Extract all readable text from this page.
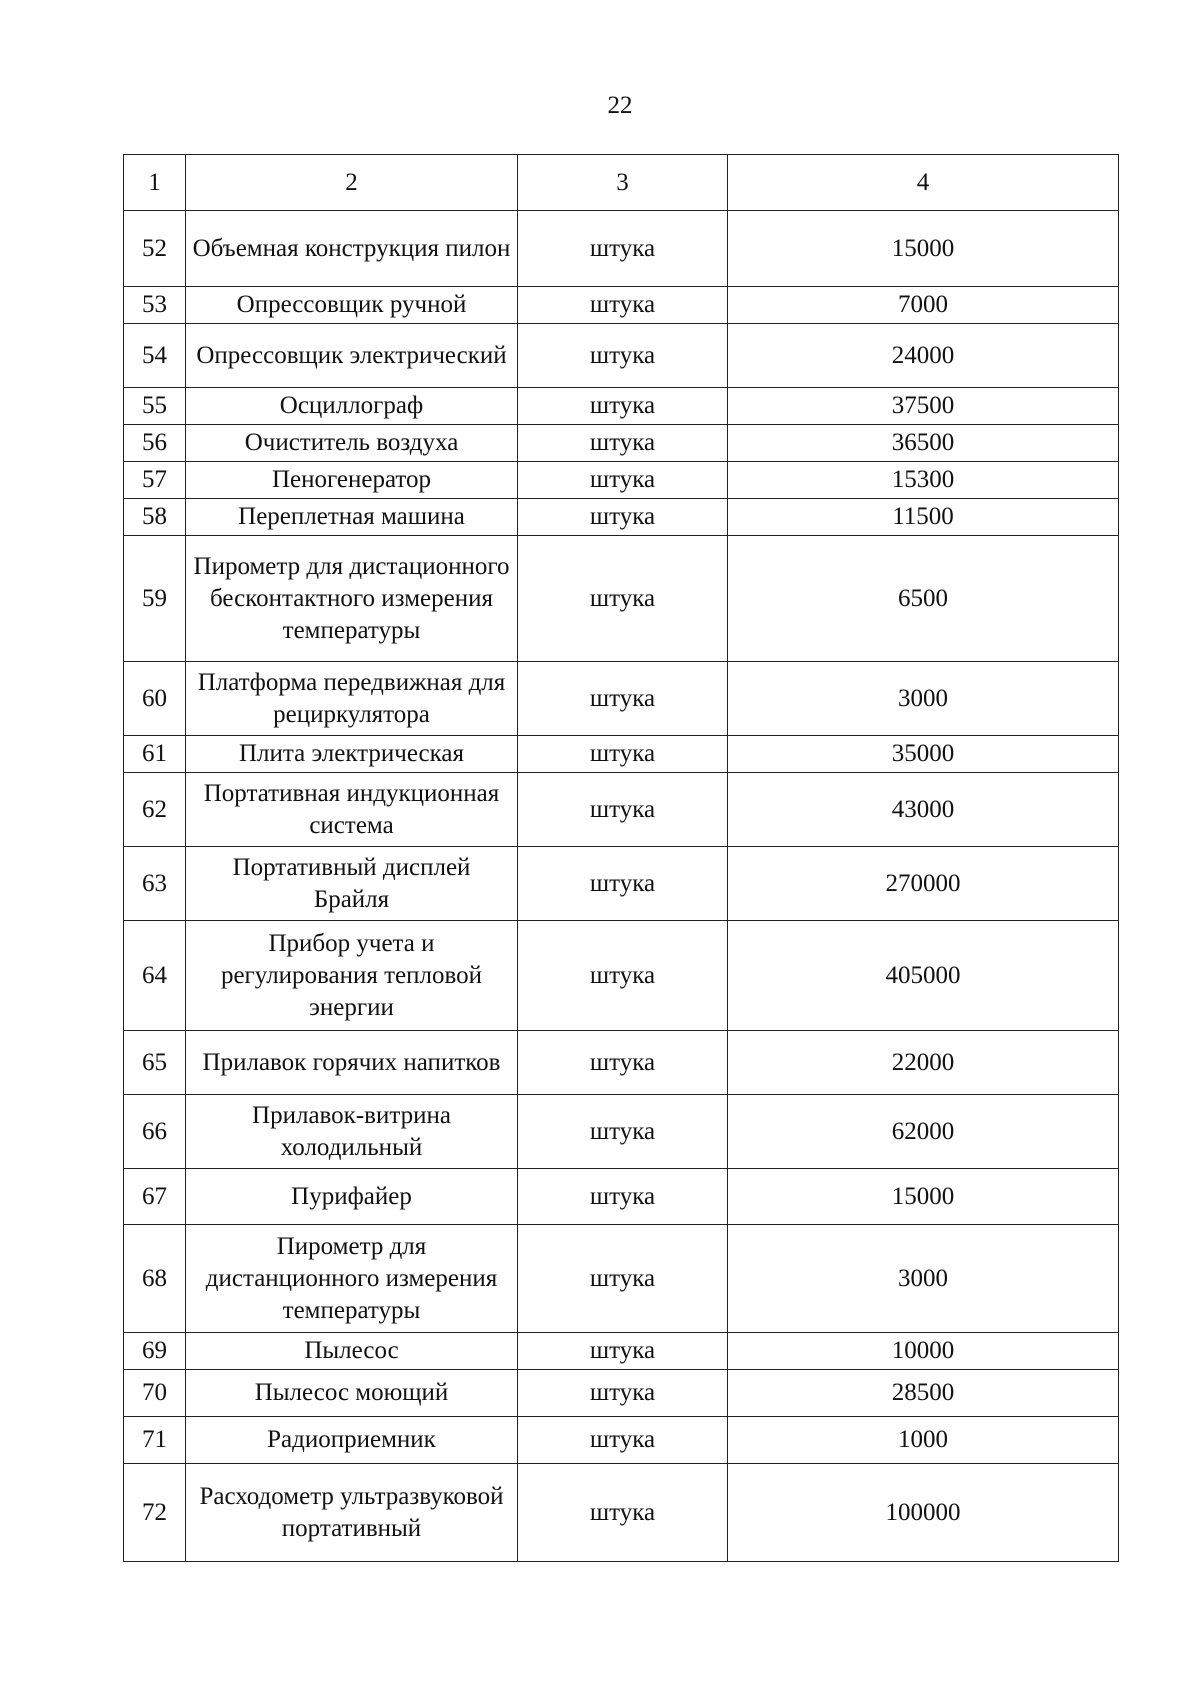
22
1	2	3	4
52	Объемная конструкция пилон	штука	15000
53	Опрессовщик ручной	штука	7000
54	Опрессовщик электрический	штука	24000
55	Осциллограф	штука	37500
56	Очиститель воздуха	штука	36500
57	Пеногенератор	штука	15300
58	Переплетная машина	штука	11500
59	Пирометр для дистационного бесконтактного измерения температуры	штука	6500
60	Платформа передвижная для рециркулятора	штука	3000
61	Плита электрическая	штука	35000
62	Портативная индукционная система	штука	43000
63	Портативный дисплей Брайля	штука	270000
64	Прибор учета и регулирования тепловой энергии	штука	405000
65	Прилавок горячих напитков	штука	22000
66	Прилавок-витрина холодильный	штука	62000
67	Пурифайер	штука	15000
68	Пирометр для дистанционного измерения температуры	штука	3000
69	Пылесос	штука	10000
70	Пылесос моющий	штука	28500
71	Радиоприемник	штука	1000
72	Расходометр ультразвуковой портативный	штука	100000
